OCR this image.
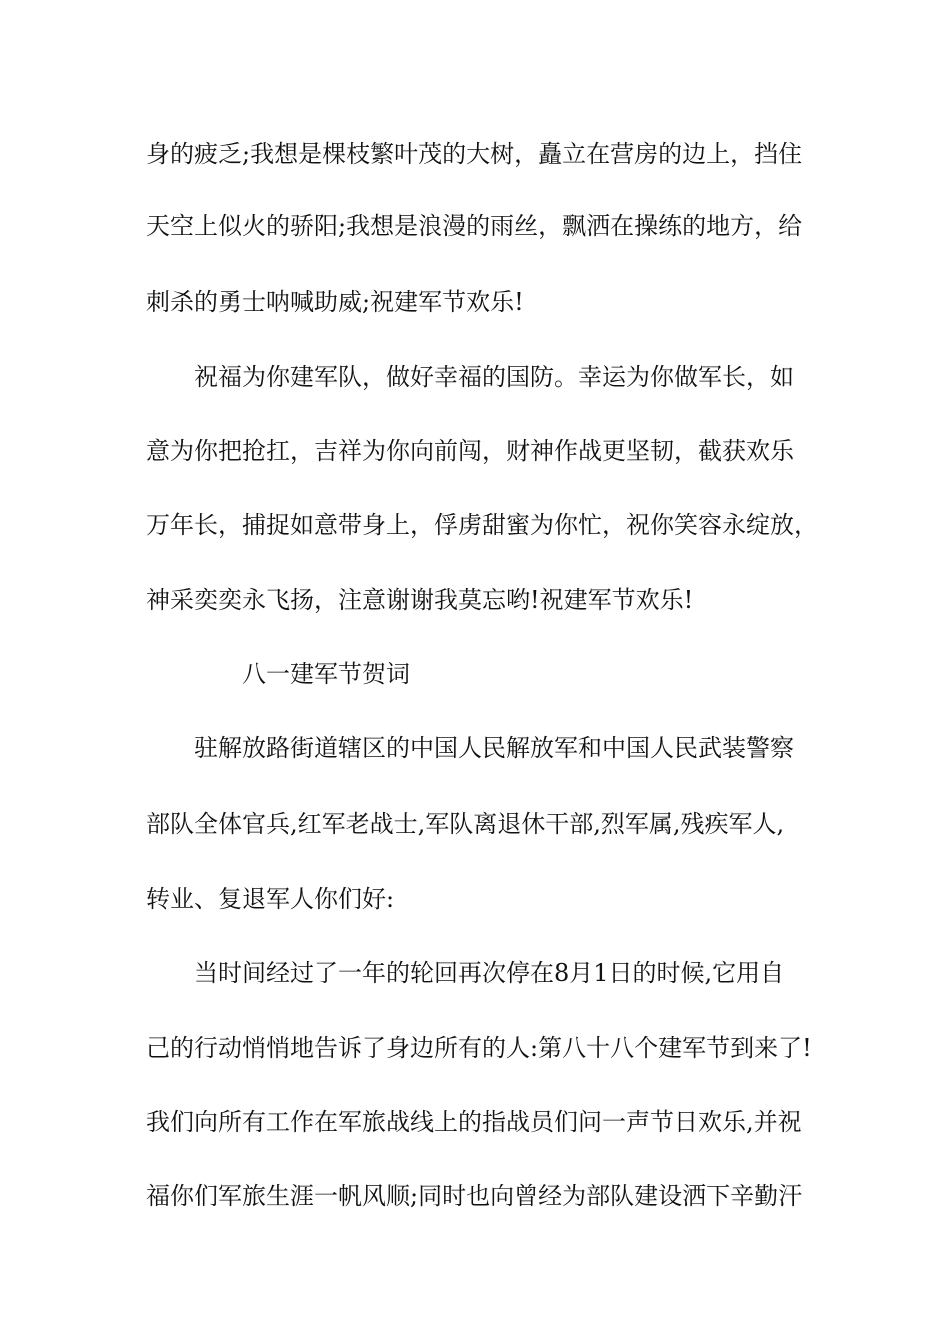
身的疲乏;我想是棵枝繁叶茂的大树，矗立在营房的边上，挡住
天空上似火的骄阳;我想是浪漫的雨丝，飘洒在操练的地方，给
刺杀的勇士呐喊助威;祝建军节欢乐!
祝福为你建军队，做好幸福的国防。幸运为你做军长，如
意为你把抢扛，吉祥为你向前闯，财神作战更坚韧，截获欢乐
万年长，捕捉如意带身上，俘虏甜蜜为你忙，祝你笑容永绽放，
神采奕奕永飞扬，注意谢谢我莫忘哟!祝建军节欢乐!
八一建军节贺词
驻解放路街道辖区的中国人民解放军和中国人民武装警察
部队全体官兵,红军老战士,军队离退休干部,烈军属,残疾军人,
转业、复退军人你们好:
当时间经过了一年的轮回再次停在8月1日的时候,它用自
己的行动悄悄地告诉了身边所有的人:第八十八个建军节到来了!
我们向所有工作在军旅战线上的指战员们问一声节日欢乐,并祝
福你们军旅生涯一帆风顺;同时也向曾经为部队建设洒下辛勤汗
